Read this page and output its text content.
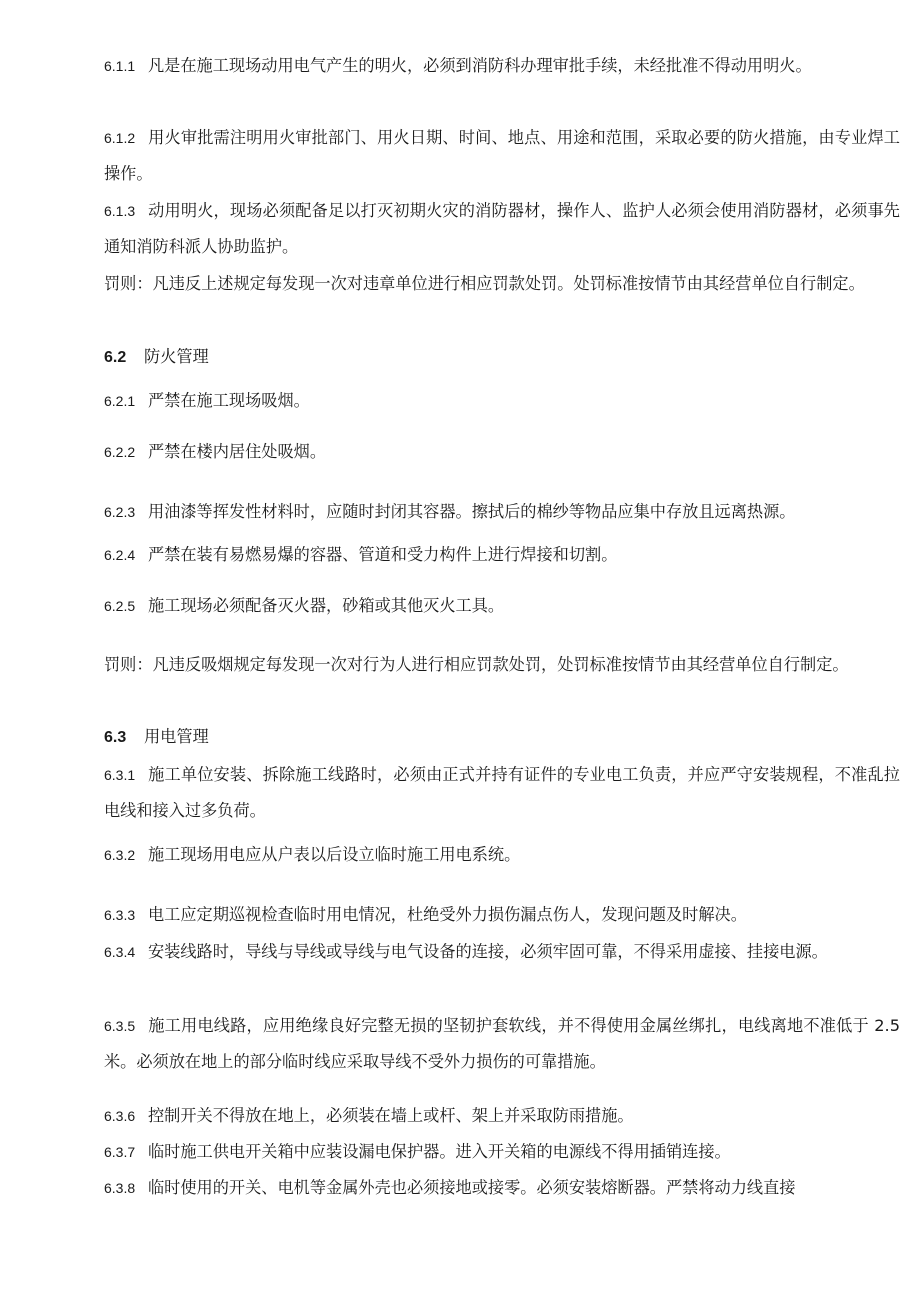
6.1.1 凡是在施工现场动用电气产生的明火，必须到消防科办理审批手续，未经批准不得动用明火。

6.1.2 用火审批需注明用火审批部门、用火日期、时间、地点、用途和范围，采取必要的防火措施，由专业焊工操作。

6.1.3 动用明火，现场必须配备足以打灭初期火灾的消防器材，操作人、监护人必须会使用消防器材，必须事先通知消防科派人协助监护。

罚则：凡违反上述规定每发现一次对违章单位进行相应罚款处罚。处罚标准按情节由其经营单位自行制定。

6.2 防火管理

6.2.1 严禁在施工现场吸烟。

6.2.2 严禁在楼内居住处吸烟。

6.2.3 用油漆等挥发性材料时，应随时封闭其容器。擦拭后的棉纱等物品应集中存放且远离热源。

6.2.4 严禁在装有易燃易爆的容器、管道和受力构件上进行焊接和切割。

6.2.5 施工现场必须配备灭火器，砂箱或其他灭火工具。

罚则：凡违反吸烟规定每发现一次对行为人进行相应罚款处罚，处罚标准按情节由其经营单位自行制定。

6.3 用电管理

6.3.1 施工单位安装、拆除施工线路时，必须由正式并持有证件的专业电工负责，并应严守安装规程，不准乱拉电线和接入过多负荷。

6.3.2 施工现场用电应从户表以后设立临时施工用电系统。

6.3.3 电工应定期巡视检查临时用电情况，杜绝受外力损伤漏点伤人，发现问题及时解决。

6.3.4 安装线路时，导线与导线或导线与电气设备的连接，必须牢固可靠，不得采用虚接、挂接电源。

6.3.5 施工用电线路，应用绝缘良好完整无损的坚韧护套软线，并不得使用金属丝绑扎，电线离地不准低于 2.5 米。必须放在地上的部分临时线应采取导线不受外力损伤的可靠措施。

6.3.6 控制开关不得放在地上，必须装在墙上或杆、架上并采取防雨措施。

6.3.7 临时施工供电开关箱中应装设漏电保护器。进入开关箱的电源线不得用插销连接。

6.3.8 临时使用的开关、电机等金属外壳也必须接地或接零。必须安装熔断器。严禁将动力线直接
